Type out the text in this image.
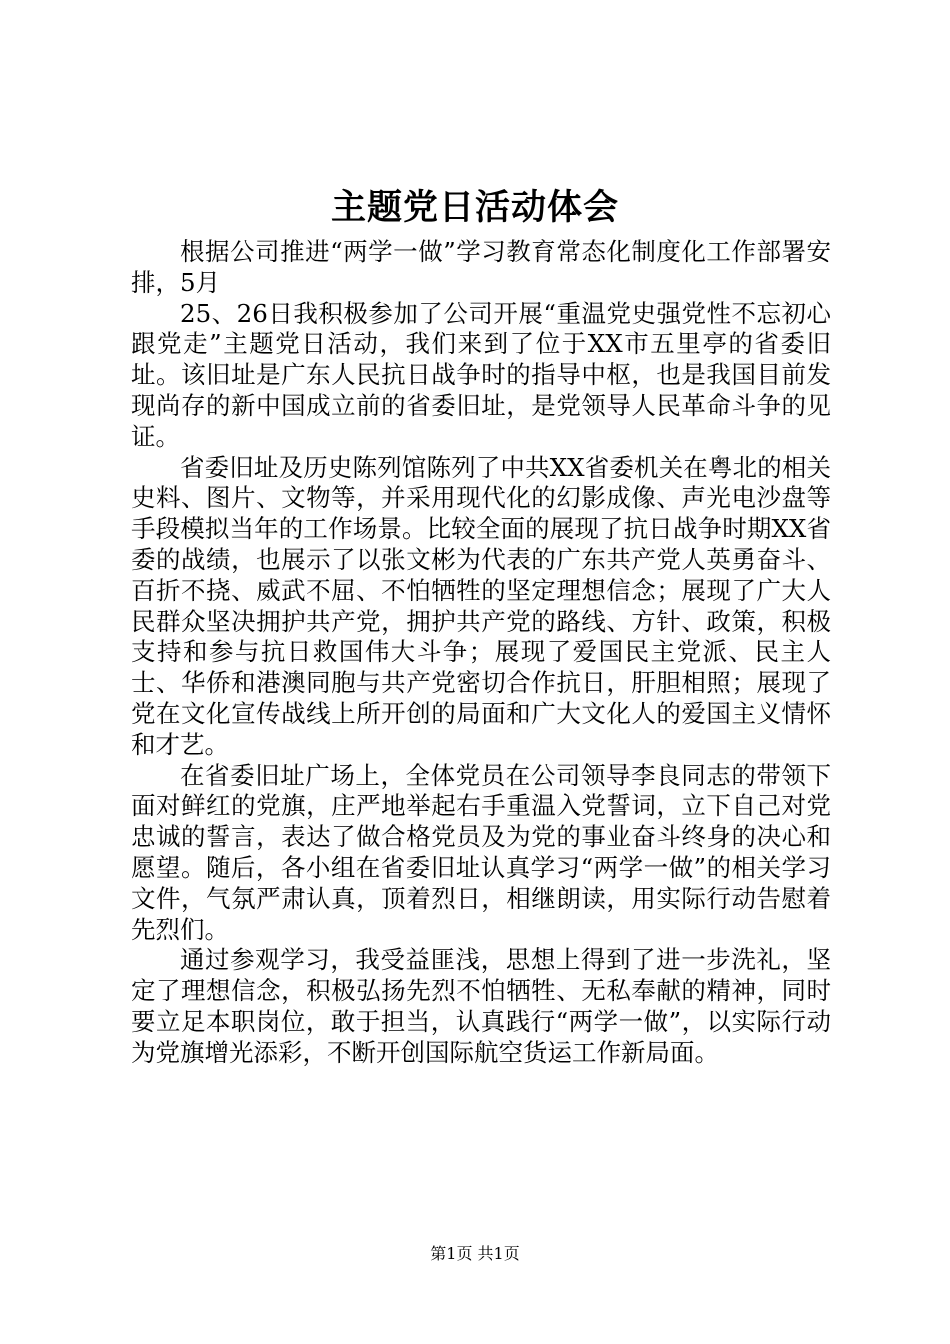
主题党日活动体会

根据公司推进“两学一做”学习教育常态化制度化工作部署安排，5月

25、26日我积极参加了公司开展“重温党史强党性不忘初心跟党走”主题党日活动，我们来到了位于XX市五里亭的省委旧址。该旧址是广东人民抗日战争时的指导中枢，也是我国目前发现尚存的新中国成立前的省委旧址，是党领导人民革命斗争的见证。

省委旧址及历史陈列馆陈列了中共XX省委机关在粤北的相关史料、图片、文物等，并采用现代化的幻影成像、声光电沙盘等手段模拟当年的工作场景。比较全面的展现了抗日战争时期XX省委的战绩，也展示了以张文彬为代表的广东共产党人英勇奋斗、百折不挠、威武不屈、不怕牺牲的坚定理想信念；展现了广大人民群众坚决拥护共产党，拥护共产党的路线、方针、政策，积极支持和参与抗日救国伟大斗争；展现了爱国民主党派、民主人士、华侨和港澳同胞与共产党密切合作抗日，肝胆相照；展现了党在文化宣传战线上所开创的局面和广大文化人的爱国主义情怀和才艺。

在省委旧址广场上，全体党员在公司领导李良同志的带领下面对鲜红的党旗，庄严地举起右手重温入党誓词，立下自己对党忠诚的誓言，表达了做合格党员及为党的事业奋斗终身的决心和愿望。随后，各小组在省委旧址认真学习“两学一做”的相关学习文件，气氛严肃认真，顶着烈日，相继朗读，用实际行动告慰着先烈们。

通过参观学习，我受益匪浅，思想上得到了进一步洗礼，坚定了理想信念，积极弘扬先烈不怕牺牲、无私奉献的精神，同时要立足本职岗位，敢于担当，认真践行“两学一做”，以实际行动为党旗增光添彩，不断开创国际航空货运工作新局面。

第1页 共1页
